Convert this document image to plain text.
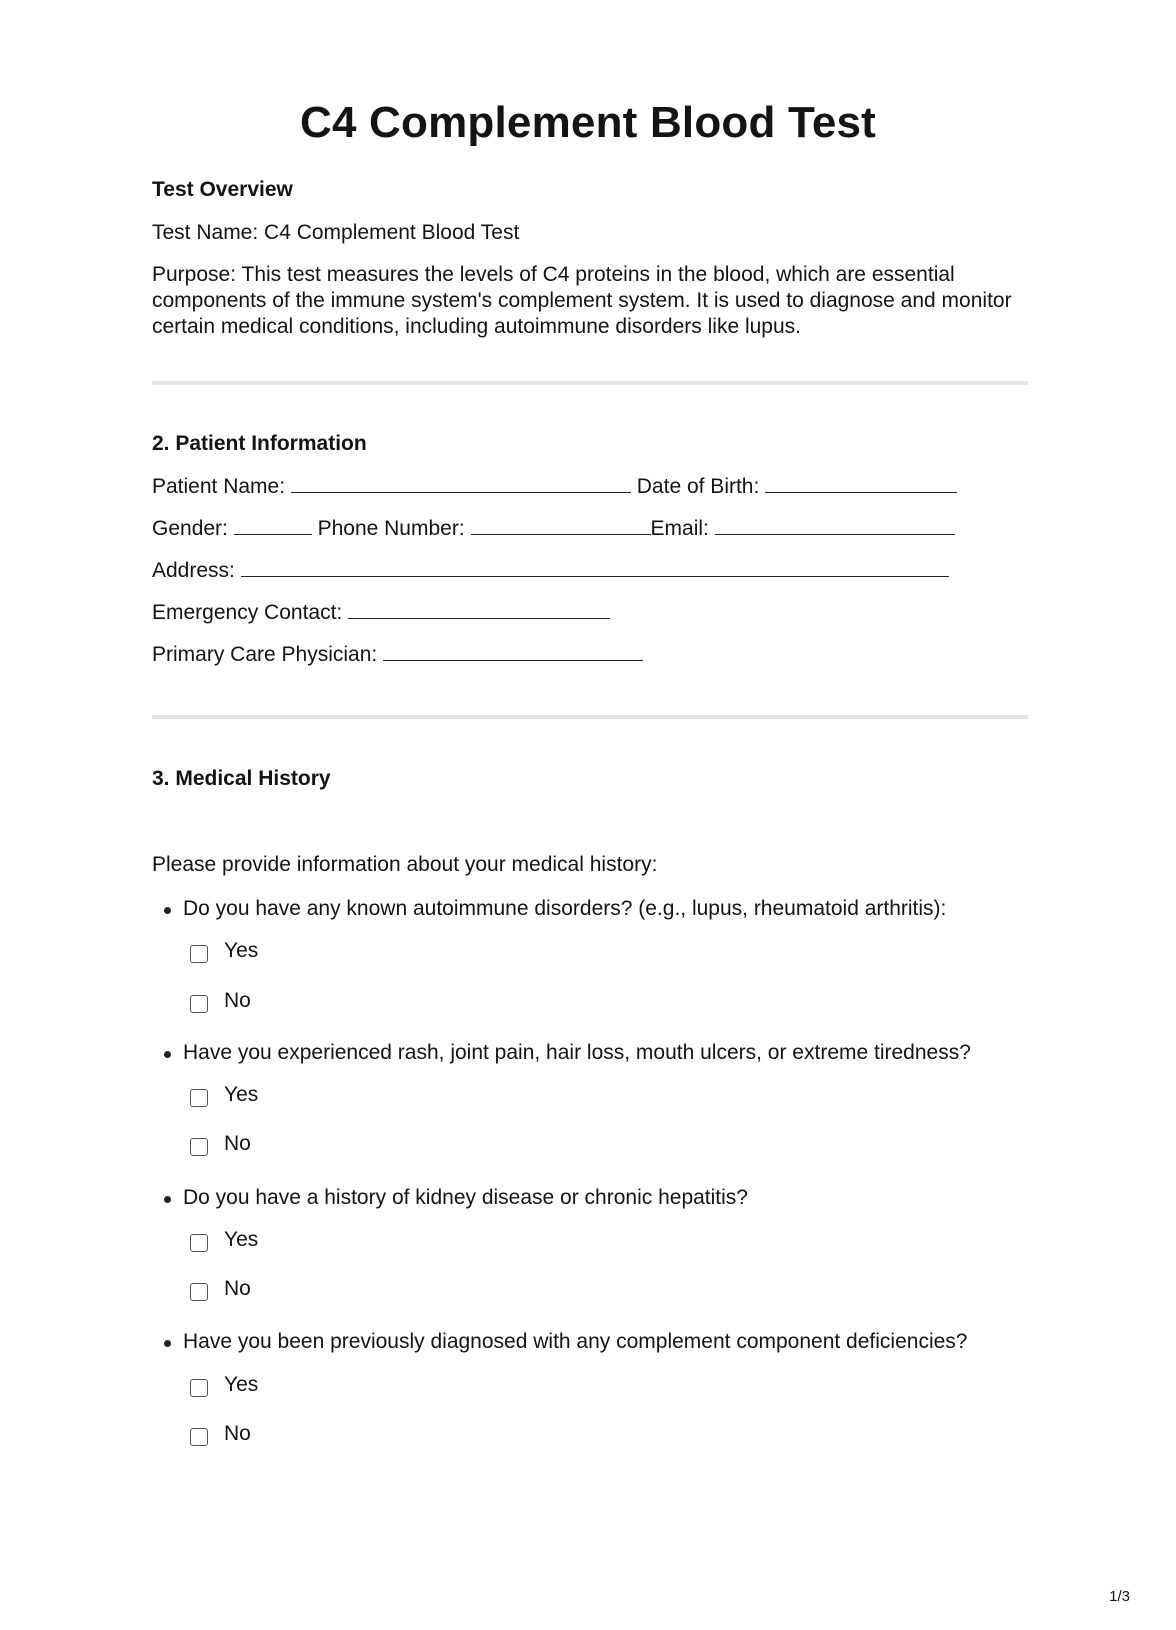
C4 Complement Blood Test

Test Overview

Test Name: C4 Complement Blood Test

Purpose: This test measures the levels of C4 proteins in the blood, which are essential

components of the immune system's complement system. It is used to diagnose and monitor

certain medical conditions, including autoimmune disorders like lupus.

2. Patient Information

Patient Name:	Date of Birth:

Gender:	Phone Number:	Email:

Address:

Emergency Contact:

Primary Care Physician:

3. Medical History

Please provide information about your medical history:

Do you have any known autoimmune disorders? (e.g., lupus, rheumatoid arthritis):
Yes
No
Have you experienced rash, joint pain, hair loss, mouth ulcers, or extreme tiredness?
Yes
No
Do you have a history of kidney disease or chronic hepatitis?
Yes
No
Have you been previously diagnosed with any complement component deficiencies?
Yes
No
1/3
